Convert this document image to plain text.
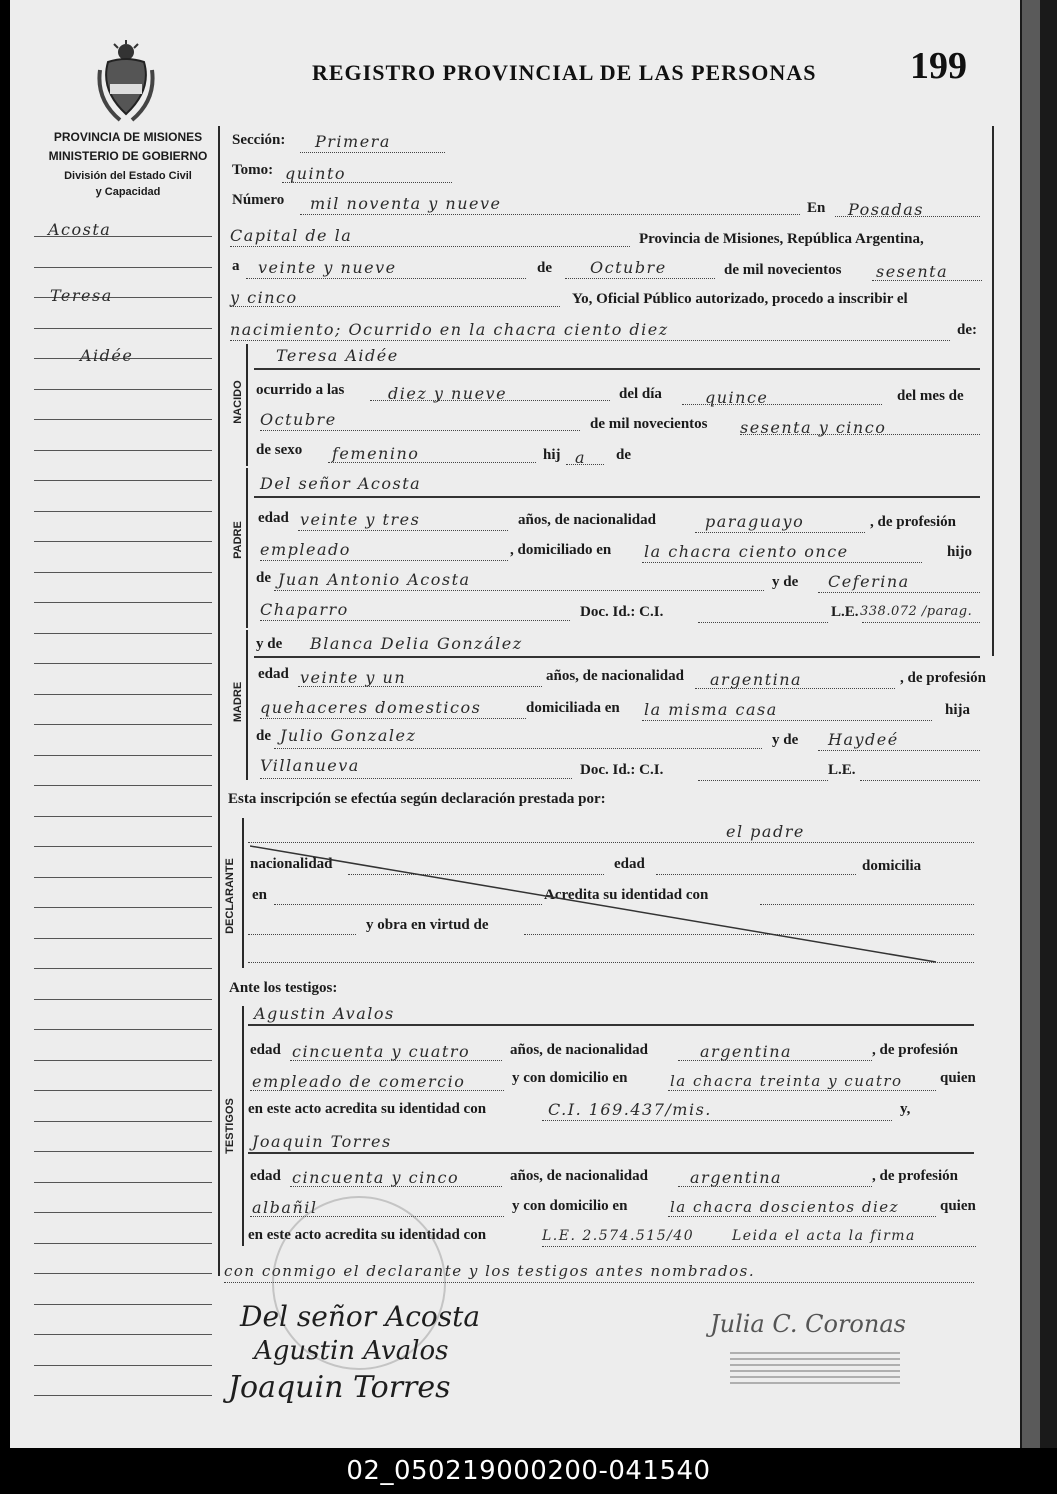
REGISTRO PROVINCIAL DE LAS PERSONAS 199
PROVINCIA DE MISIONES
MINISTERIO DE GOBIERNO
División del Estado Civil
y Capacidad
Acosta
Teresa
Aidée
Sección: Primera
Tomo: quinto
Número mil noventa y nueve	En Posadas
Capital de la	Provincia de Misiones, República Argentina,
a veinte y nueve	de Octubre	de mil novecientos sesenta
y cinco	Yo, Oficial Público autorizado, procedo a inscribir el
nacimiento; Ocurrido en la chacra ciento diez	de:
NACIDO
Teresa Aidée
ocurrido a las	diez y nueve	del día	quince	del mes de
Octubre	de mil novecientos sesenta y cinco
de sexo femenino	hij a de
PADRE
Del señor Acosta
edad veinte y tres	años, de nacionalidad	paraguayo	, de profesión
empleado	, domiciliado en la chacra ciento once	hijo
de Juan Antonio Acosta	y de Ceferina
Chaparro	Doc. Id.: C.I.	L.E. 338.072 /parag.
MADRE
y de Blanca Delia González
edad veinte y un	años, de nacionalidad argentina	, de profesión
quehaceres domesticos	domiciliada en la misma casa	hija
de Julio Gonzalez	y de Haydeé
Villanueva	Doc. Id.: C.I.	L.E.
Esta inscripción se efectúa según declaración prestada por:
DECLARANTE
el padre
nacionalidad	edad	domicilia
en	Acredita su identidad con
y obra en virtud de
Ante los testigos:
TESTIGOS
Agustin Avalos
edad cincuenta y cuatro	años, de nacionalidad	argentina	, de profesión
empleado de comercio	y con domicilio en	la chacra treinta y cuatro quien
en este acto acredita su identidad con	C.I. 169.437/mis.	y,
Joaquin Torres
edad cincuenta y cinco	años, de nacionalidad	argentina	, de profesión
albañil	y con domicilio en	la chacra doscientos diez	quien
en este acto acredita su identidad con	L.E. 2.574.515/40	Leida el acta la firma
con conmigo el declarante y los testigos antes nombrados.
Del señor Acosta
Agustin Avalos
Joaquin Torres
Julia C. Coronas
02_050219000200-041540
